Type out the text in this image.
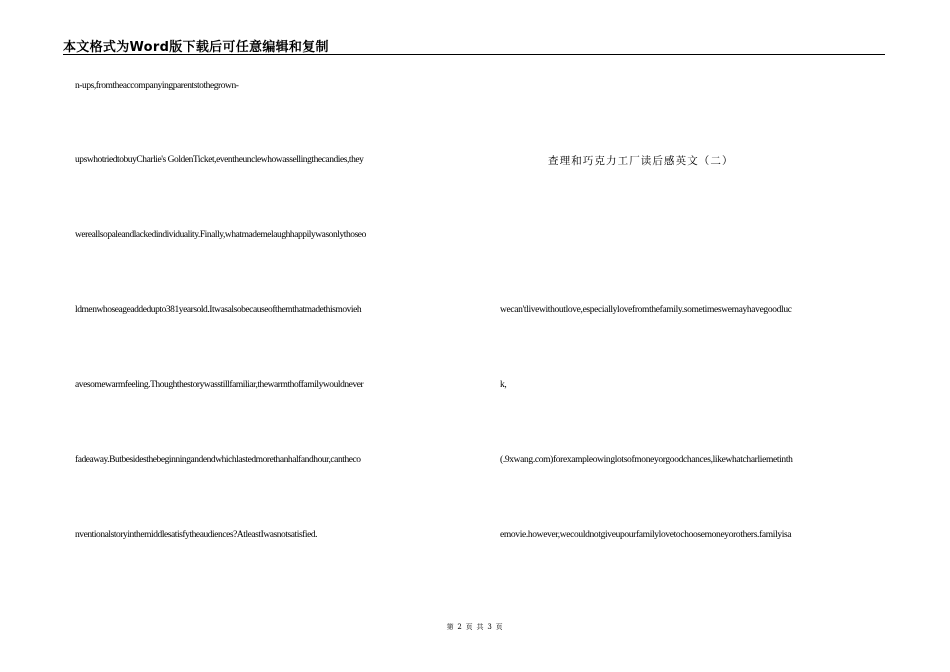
本文格式为Word版下载后可任意编辑和复制
n-ups,fromtheaccompanyingparentstothegrown-
upswhotriedtobuyCharlie's GoldenTicket,eventheunclewhowassellingthecandies,they
wereallsopaleandlackedindividuality.Finally,whatmademelaughhappilywasonlythoseo
ldmenwhoseageaddedupto381yearsold.Itwasalsobecauseofthemthatmadethismovieh
avesomewarmfeeling.Thoughthestorywasstillfamiliar,thewarmthoffamilywouldnever
fadeaway.Butbesidesthebeginningandendwhichlastedmorethanhalfandhour,cantheco
nventionalstoryinthemiddlesatisfytheaudiences?AtleastIwasnotsatisfied.
查理和巧克力工厂读后感英文（二）
wecan'tlivewithoutlove,especiallylovefromthefamily.sometimeswemayhavegoodluc
k,
(.9xwang.com)forexampleowinglotsofmoneyorgoodchances,likewhatcharliemetinth
emovie.however,wecouldnotgiveupourfamilylovetochoosemoneyorothers.familyisa
第 2 页 共 3 页
